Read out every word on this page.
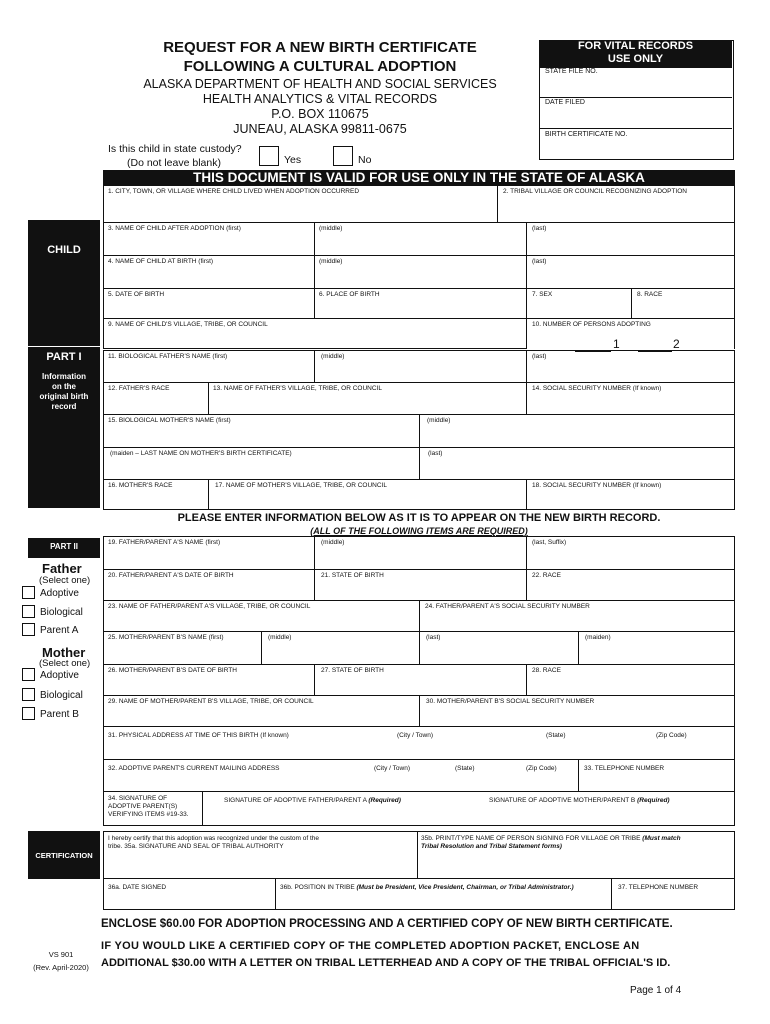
REQUEST FOR A NEW BIRTH CERTIFICATE
FOLLOWING A CULTURAL ADOPTION
ALASKA DEPARTMENT OF HEALTH AND SOCIAL SERVICES
HEALTH ANALYTICS & VITAL RECORDS
P.O. BOX 110675
JUNEAU, ALASKA 99811-0675
FOR VITAL RECORDS
USE ONLY
STATE FILE NO.
DATE FILED
BIRTH CERTIFICATE NO.
Is this child in state custody?
(Do not leave blank)	Yes	No
THIS DOCUMENT IS VALID FOR USE ONLY IN THE STATE OF ALASKA
CHILD
PART I
Information
on the
original birth
record
PART II
Father
(Select one)
Adoptive
Biological
Parent A
Mother
(Select one)
Adoptive
Biological
Parent B
CERTIFICATION
1. CITY, TOWN, OR VILLAGE WHERE CHILD LIVED WHEN ADOPTION OCCURRED	2. TRIBAL VILLAGE OR COUNCIL RECOGNIZING ADOPTION
3. NAME OF CHILD AFTER ADOPTION (first)	(middle)	(last)
4. NAME OF CHILD AT BIRTH (first)	(middle)	(last)
5. DATE OF BIRTH	6. PLACE OF BIRTH	7. SEX	8. RACE
9. NAME OF CHILD'S VILLAGE, TRIBE, OR COUNCIL	10. NUMBER OF PERSONS ADOPTING
1	2
11. BIOLOGICAL FATHER'S NAME (first)	(middle)	(last)
12. FATHER'S RACE	13. NAME OF FATHER'S VILLAGE, TRIBE, OR COUNCIL	14. SOCIAL SECURITY NUMBER (If known)
15. BIOLOGICAL MOTHER'S NAME (first)	(middle)
(maiden – LAST NAME ON MOTHER'S BIRTH CERTIFICATE)	(last)
16. MOTHER'S RACE	17. NAME OF MOTHER'S VILLAGE, TRIBE, OR COUNCIL	18. SOCIAL SECURITY NUMBER (If known)
PLEASE ENTER INFORMATION BELOW AS IT IS TO APPEAR ON THE NEW BIRTH RECORD.
(ALL OF THE FOLLOWING ITEMS ARE REQUIRED)
19. FATHER/PARENT A'S NAME (first)	(middle)	(last, Suffix)
20. FATHER/PARENT A'S DATE OF BIRTH	21. STATE OF BIRTH	22. RACE
23. NAME OF FATHER/PARENT A'S VILLAGE, TRIBE, OR COUNCIL	24. FATHER/PARENT A'S SOCIAL SECURITY NUMBER
25. MOTHER/PARENT B'S NAME (first)	(middle)	(last)	(maiden)
26. MOTHER/PARENT B'S DATE OF BIRTH	27. STATE OF BIRTH	28. RACE
29. NAME OF MOTHER/PARENT B'S VILLAGE, TRIBE, OR COUNCIL	30. MOTHER/PARENT B'S SOCIAL SECURITY NUMBER
31. PHYSICAL ADDRESS AT TIME OF THIS BIRTH (If known)	(City / Town)	(State)	(Zip Code)
32. ADOPTIVE PARENT'S CURRENT MAILING ADDRESS	(City / Town)	(State)	(Zip Code)	33. TELEPHONE NUMBER
34. SIGNATURE OF
ADOPTIVE PARENT(S)
VERIFYING ITEMS #19-33.
SIGNATURE OF ADOPTIVE FATHER/PARENT A (Required)	SIGNATURE OF ADOPTIVE MOTHER/PARENT B (Required)
I hereby certify that this adoption was recognized under the custom of the
tribe. 35a. SIGNATURE AND SEAL OF TRIBAL AUTHORITY
35b. PRINT/TYPE NAME OF PERSON SIGNING FOR VILLAGE OR TRIBE (Must match
Tribal Resolution and Tribal Statement forms)
36a. DATE SIGNED	36b. POSITION IN TRIBE (Must be President, Vice President, Chairman, or Tribal Administrator.)	37. TELEPHONE NUMBER
ENCLOSE $60.00 FOR ADOPTION PROCESSING AND A CERTIFIED COPY OF NEW BIRTH CERTIFICATE.
IF YOU WOULD LIKE A CERTIFIED COPY OF THE COMPLETED ADOPTION PACKET, ENCLOSE AN
ADDITIONAL $30.00 WITH A LETTER ON TRIBAL LETTERHEAD AND A COPY OF THE TRIBAL OFFICIAL'S ID.
VS 901
(Rev. April-2020)
Page 1 of 4
